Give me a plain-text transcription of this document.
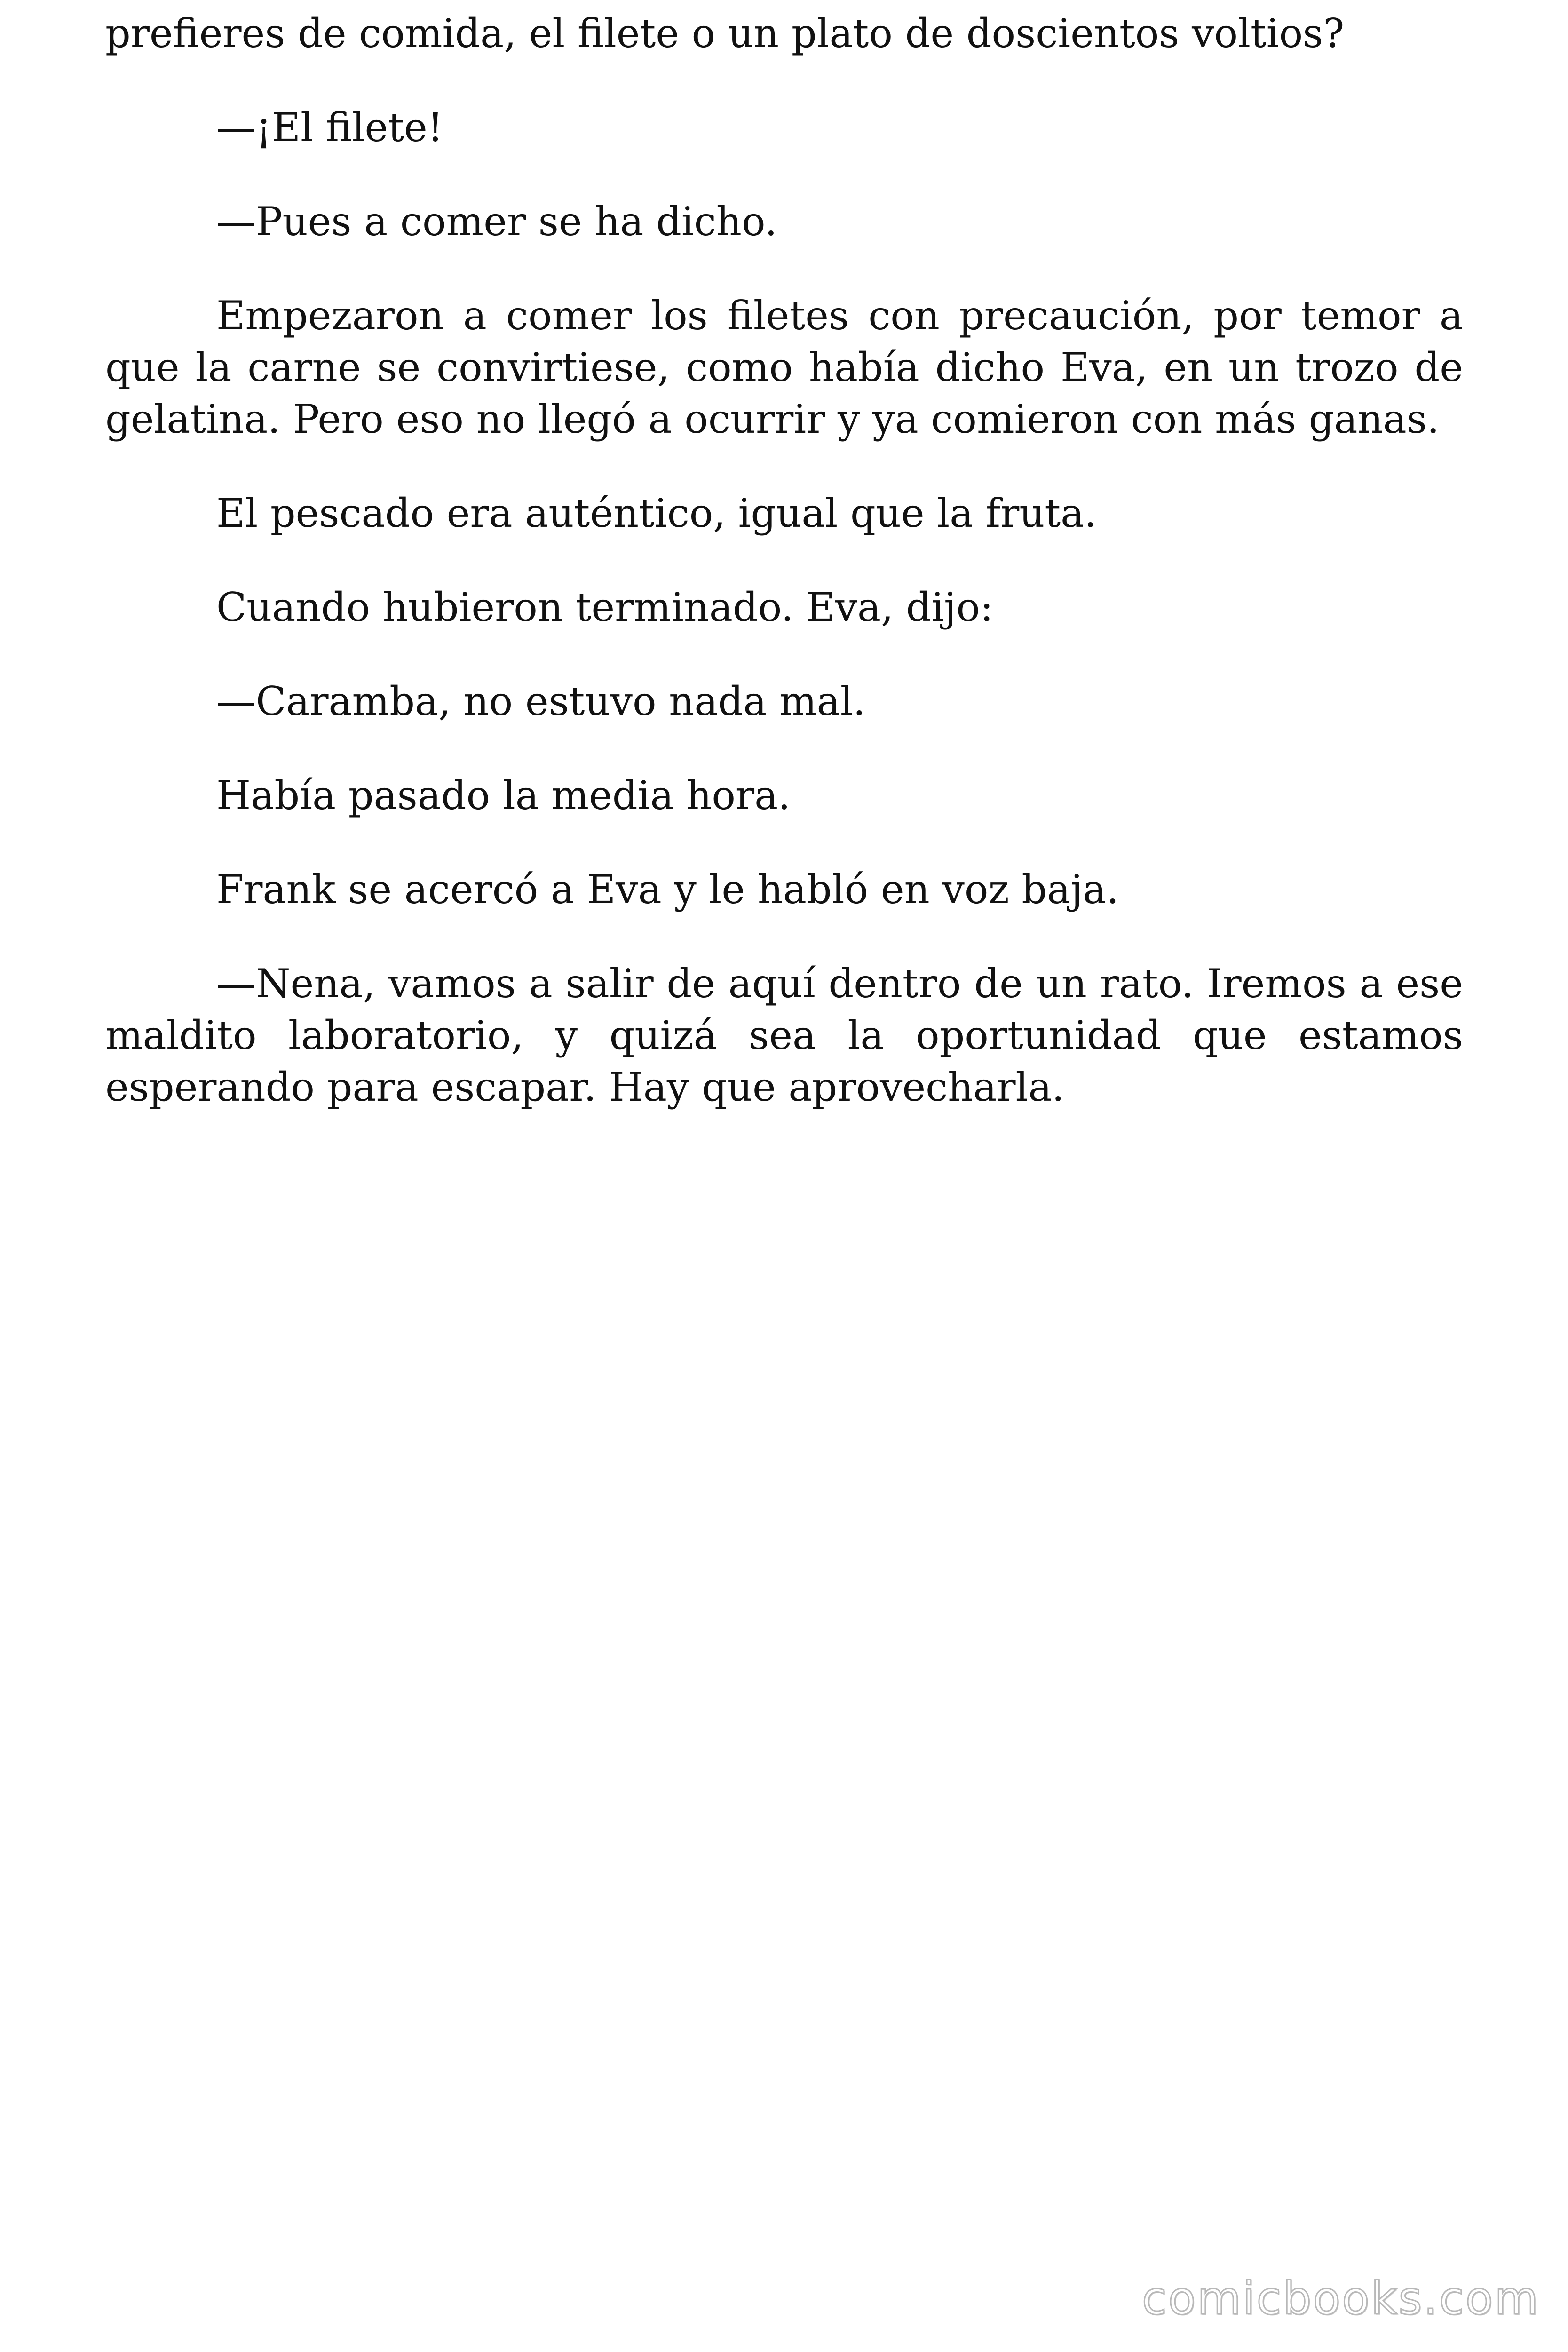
prefieres de comida, el filete o un plato de doscientos voltios?

—¡El filete!

—Pues a comer se ha dicho.

Empezaron a comer los filetes con precaución, por temor a que la carne se convirtiese, como había dicho Eva, en un trozo de gelatina. Pero eso no llegó a ocurrir y ya comieron con más ganas.

El pescado era auténtico, igual que la fruta.

Cuando hubieron terminado. Eva, dijo:

—Caramba, no estuvo nada mal.

Había pasado la media hora.

Frank se acercó a Eva y le habló en voz baja.

—Nena, vamos a salir de aquí dentro de un rato. Iremos a ese maldito laboratorio, y quizá sea la oportunidad que estamos esperando para escapar. Hay que aprovecharla.

comicbooks.com
